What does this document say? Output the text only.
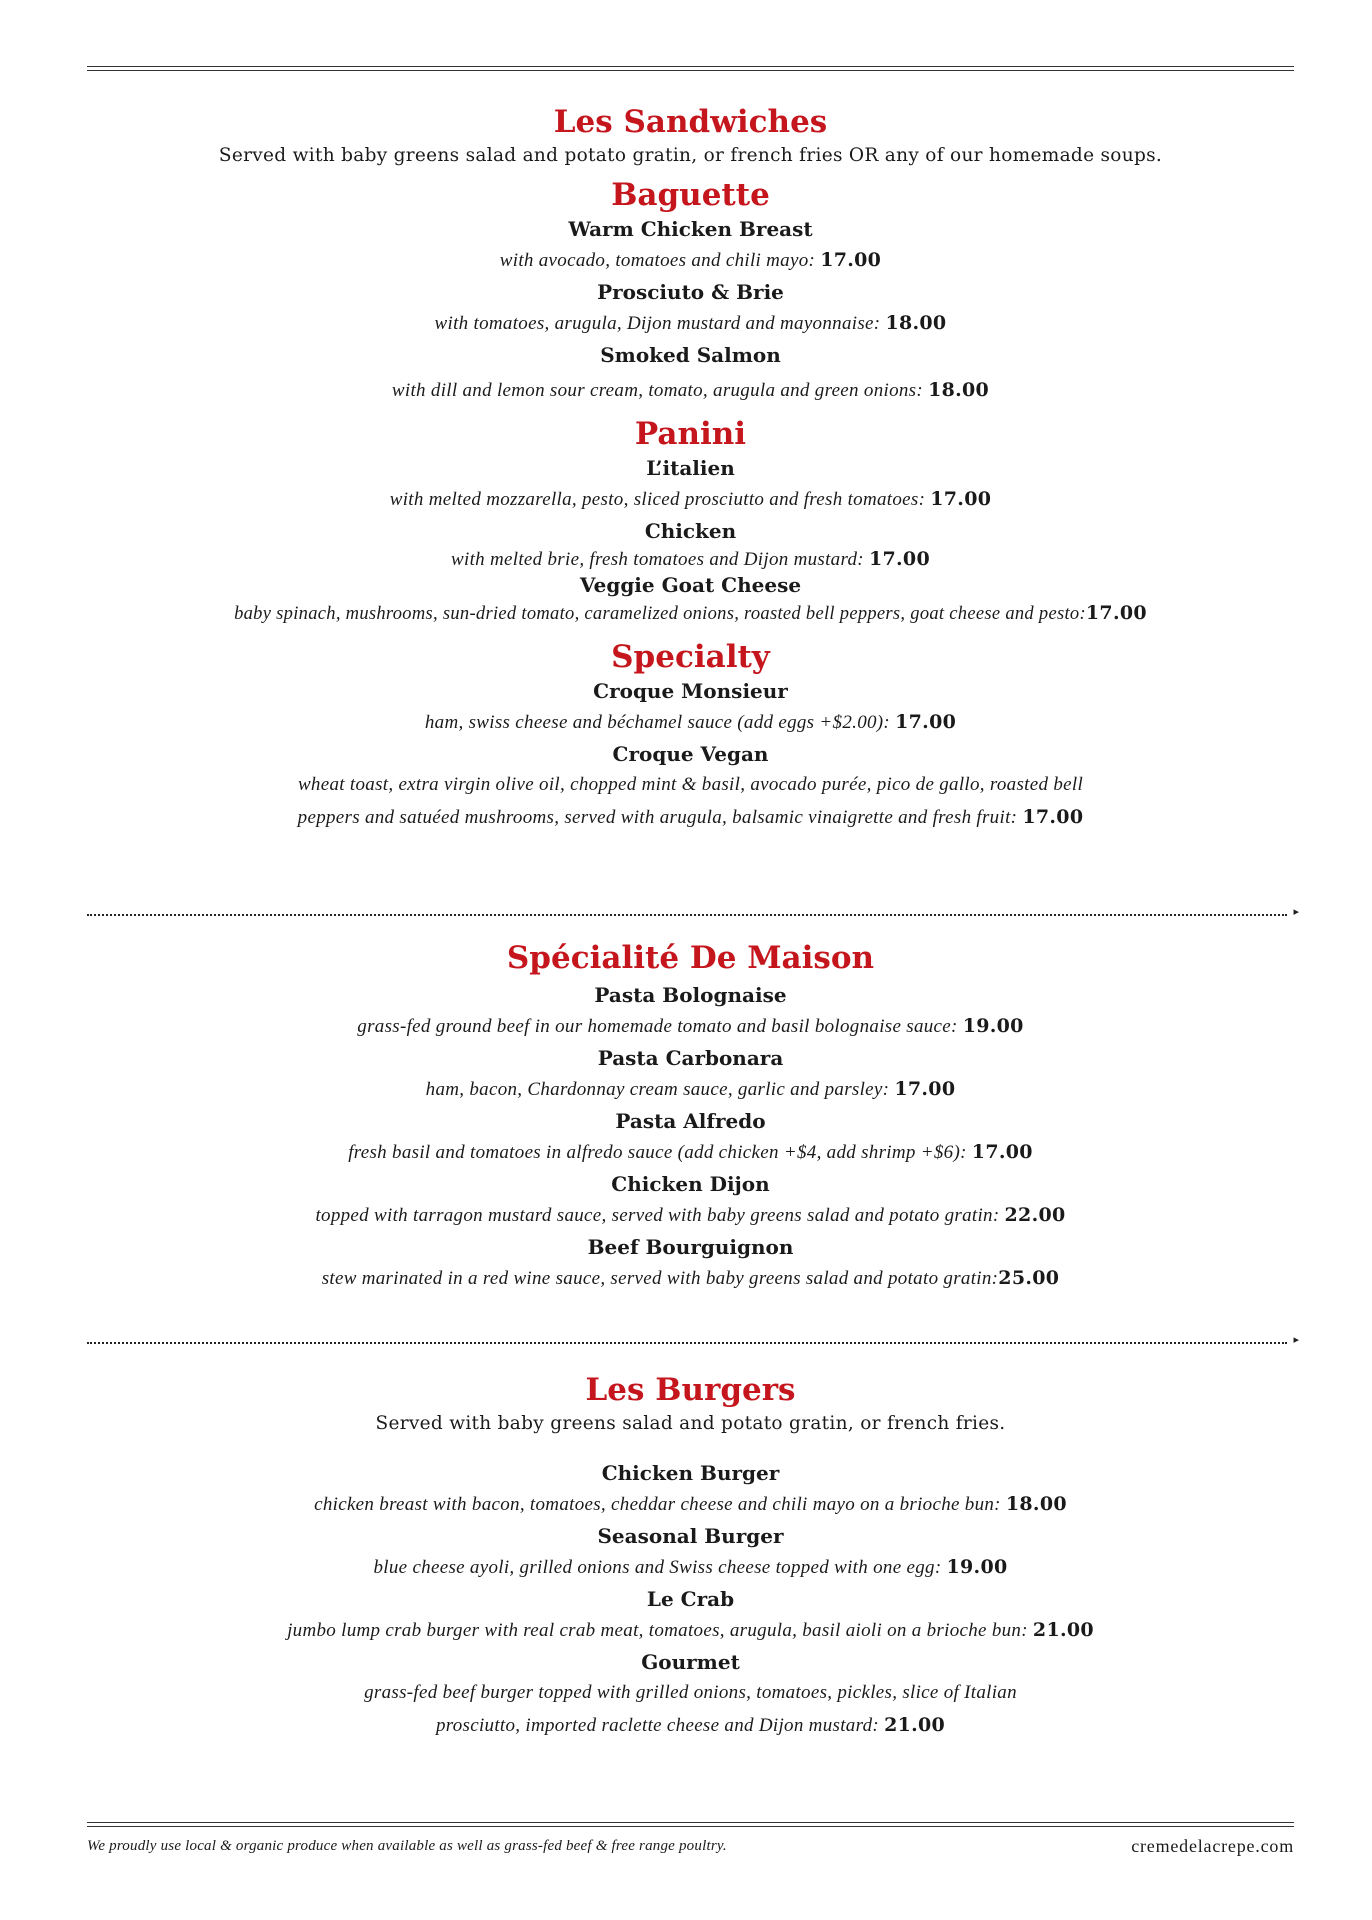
Les Sandwiches

Served with baby greens salad and potato gratin, or french fries OR any of our homemade soups.

Baguette

Warm Chicken Breast

with avocado, tomatoes and chili mayo: 17.00

Prosciuto & Brie

with tomatoes, arugula, Dijon mustard and mayonnaise: 18.00

Smoked Salmon

with dill and lemon sour cream, tomato, arugula and green onions: 18.00

Panini

L’italien

with melted mozzarella, pesto, sliced prosciutto and fresh tomatoes: 17.00

Chicken

with melted brie, fresh tomatoes and Dijon mustard: 17.00

Veggie Goat Cheese

baby spinach, mushrooms, sun-dried tomato, caramelized onions, roasted bell peppers, goat cheese and pesto:17.00

Specialty

Croque Monsieur

ham, swiss cheese and béchamel sauce (add eggs +$2.00): 17.00

Croque Vegan

wheat toast, extra virgin olive oil, chopped mint & basil, avocado purée, pico de gallo, roasted bell

peppers and satuéed mushrooms, served with arugula, balsamic vinaigrette and fresh fruit: 17.00

▸
Spécialité De Maison

Pasta Bolognaise

grass-fed ground beef in our homemade tomato and basil bolognaise sauce: 19.00

Pasta Carbonara

ham, bacon, Chardonnay cream sauce, garlic and parsley: 17.00

Pasta Alfredo

fresh basil and tomatoes in alfredo sauce (add chicken +$4, add shrimp +$6): 17.00

Chicken Dijon

topped with tarragon mustard sauce, served with baby greens salad and potato gratin: 22.00

Beef Bourguignon

stew marinated in a red wine sauce, served with baby greens salad and potato gratin:25.00

▸
Les Burgers

Served with baby greens salad and potato gratin, or french fries.

Chicken Burger

chicken breast with bacon, tomatoes, cheddar cheese and chili mayo on a brioche bun: 18.00

Seasonal Burger

blue cheese ayoli, grilled onions and Swiss cheese topped with one egg: 19.00

Le Crab

jumbo lump crab burger with real crab meat, tomatoes, arugula, basil aioli on a brioche bun: 21.00

Gourmet

grass-fed beef burger topped with grilled onions, tomatoes, pickles, slice of Italian

prosciutto, imported raclette cheese and Dijon mustard: 21.00

We proudly use local & organic produce when available as well as grass-fed beef & free range poultry.	cremedelacrepe.com
